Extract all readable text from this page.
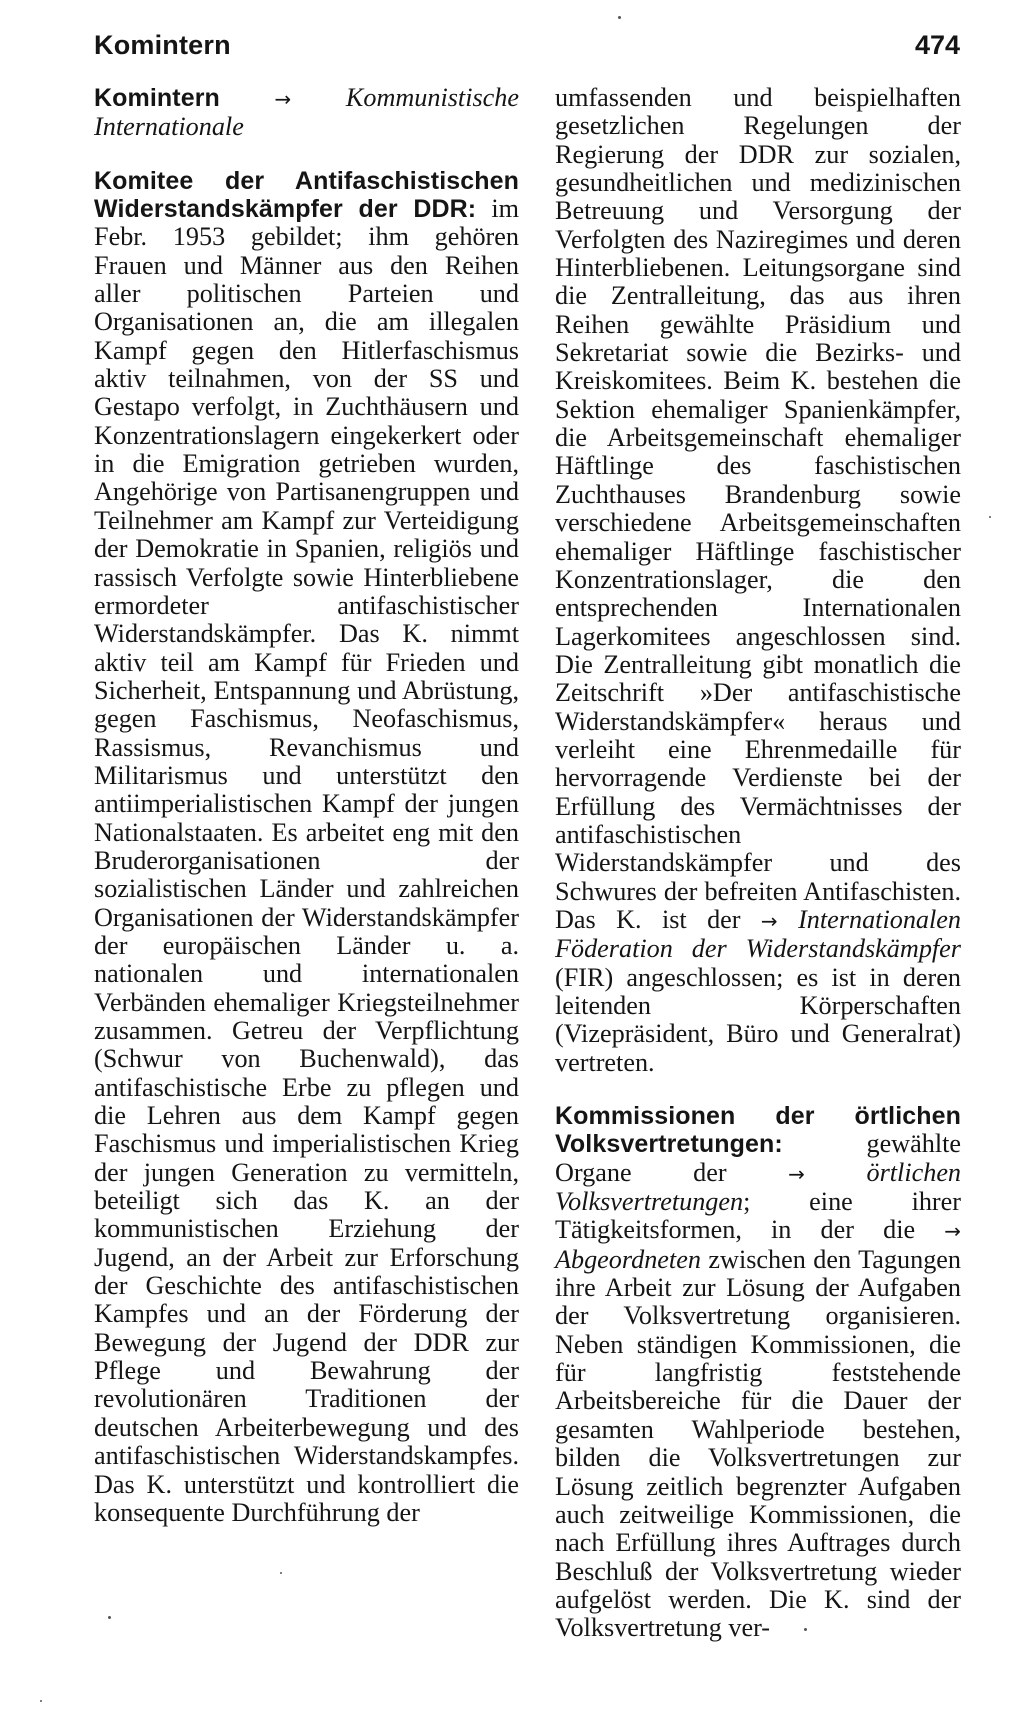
Komintern	474

Komintern	→ Kommunistische Internationale

Komitee der Antifaschistischen Widerstandskämpfer der DDR: im Febr. 1953 gebildet; ihm gehören Frauen und Männer aus den Reihen aller politischen Parteien und Organisationen an, die am illegalen Kampf gegen den Hitlerfaschismus aktiv teilnahmen, von der SS und Gestapo verfolgt, in Zuchthäusern und Konzentrationslagern eingekerkert oder in die Emigration getrieben wurden, Angehörige von Partisanengruppen und Teilnehmer am Kampf zur Verteidigung der Demokratie in Spanien, religiös und rassisch Verfolgte sowie Hinterbliebene ermordeter antifaschistischer Widerstandskämpfer. Das K. nimmt aktiv teil am Kampf für Frieden und Sicherheit, Entspannung und Abrüstung, gegen Faschismus, Neofaschismus, Rassismus, Revanchismus und Militarismus und unterstützt den antiimperialistischen Kampf der jungen Nationalstaaten. Es arbeitet eng mit den Bruderorganisationen der sozialistischen Länder und zahlreichen Organisationen der Widerstandskämpfer der europäischen Länder u. a. nationalen und internationalen Verbänden ehemaliger Kriegsteilnehmer zusammen. Getreu der Verpflichtung (Schwur von Buchenwald), das antifaschistische Erbe zu pflegen und die Lehren aus dem Kampf gegen Faschismus und imperialistischen Krieg der jungen Generation zu vermitteln, beteiligt sich das K. an der kommunistischen Erziehung der Jugend, an der Arbeit zur Erforschung der Geschichte des antifaschistischen Kampfes und an der Förderung der Bewegung der Jugend der DDR zur Pflege und Bewahrung der revolutionären Traditionen der deutschen Arbeiterbewegung und des antifaschistischen Widerstandskampfes. Das K. unterstützt und kontrolliert die konsequente Durchführung der

umfassenden und beispielhaften gesetzlichen Regelungen der Regierung der DDR zur sozialen, gesundheitlichen und medizinischen Betreuung und Versorgung der Verfolgten des Naziregimes und deren Hinterbliebenen. Leitungsorgane sind die Zentralleitung, das aus ihren Reihen gewählte Präsidium und Sekretariat sowie die Bezirks- und Kreiskomitees. Beim K. bestehen die Sektion ehemaliger Spanienkämpfer, die Arbeitsgemeinschaft ehemaliger Häftlinge des faschistischen Zuchthauses Brandenburg sowie verschiedene Arbeitsgemeinschaften ehemaliger Häftlinge faschistischer Konzentrationslager, die den entsprechenden Internationalen Lagerkomitees angeschlossen sind. Die Zentralleitung gibt monatlich die Zeitschrift »Der antifaschistische Widerstandskämpfer« heraus und verleiht eine Ehrenmedaille für hervorragende Verdienste bei der Erfüllung des Vermächtnisses der antifaschistischen Widerstandskämpfer und des Schwures der befreiten Antifaschisten. Das K. ist der → Internationalen Föderation der Widerstandskämpfer (FIR) angeschlossen; es ist in deren leitenden Körperschaften (Vizepräsident, Büro und Generalrat) vertreten.

Kommissionen der örtlichen Volksvertretungen:	gewählte Organe der	→ örtlichen Volksvertretungen; eine ihrer Tätigkeitsformen, in der die → Abgeordneten zwischen den Tagungen ihre Arbeit zur Lösung der Aufgaben der Volksvertretung organisieren. Neben ständigen Kommissionen, die für langfristig feststehende Arbeitsbereiche für die Dauer der gesamten Wahlperiode bestehen, bilden die Volksvertretungen zur Lösung zeitlich begrenzter Aufgaben auch zeitweilige Kommissionen, die nach Erfüllung ihres Auftrages durch Beschluß der Volksvertretung wieder aufgelöst werden. Die K. sind der Volksvertretung ver-
